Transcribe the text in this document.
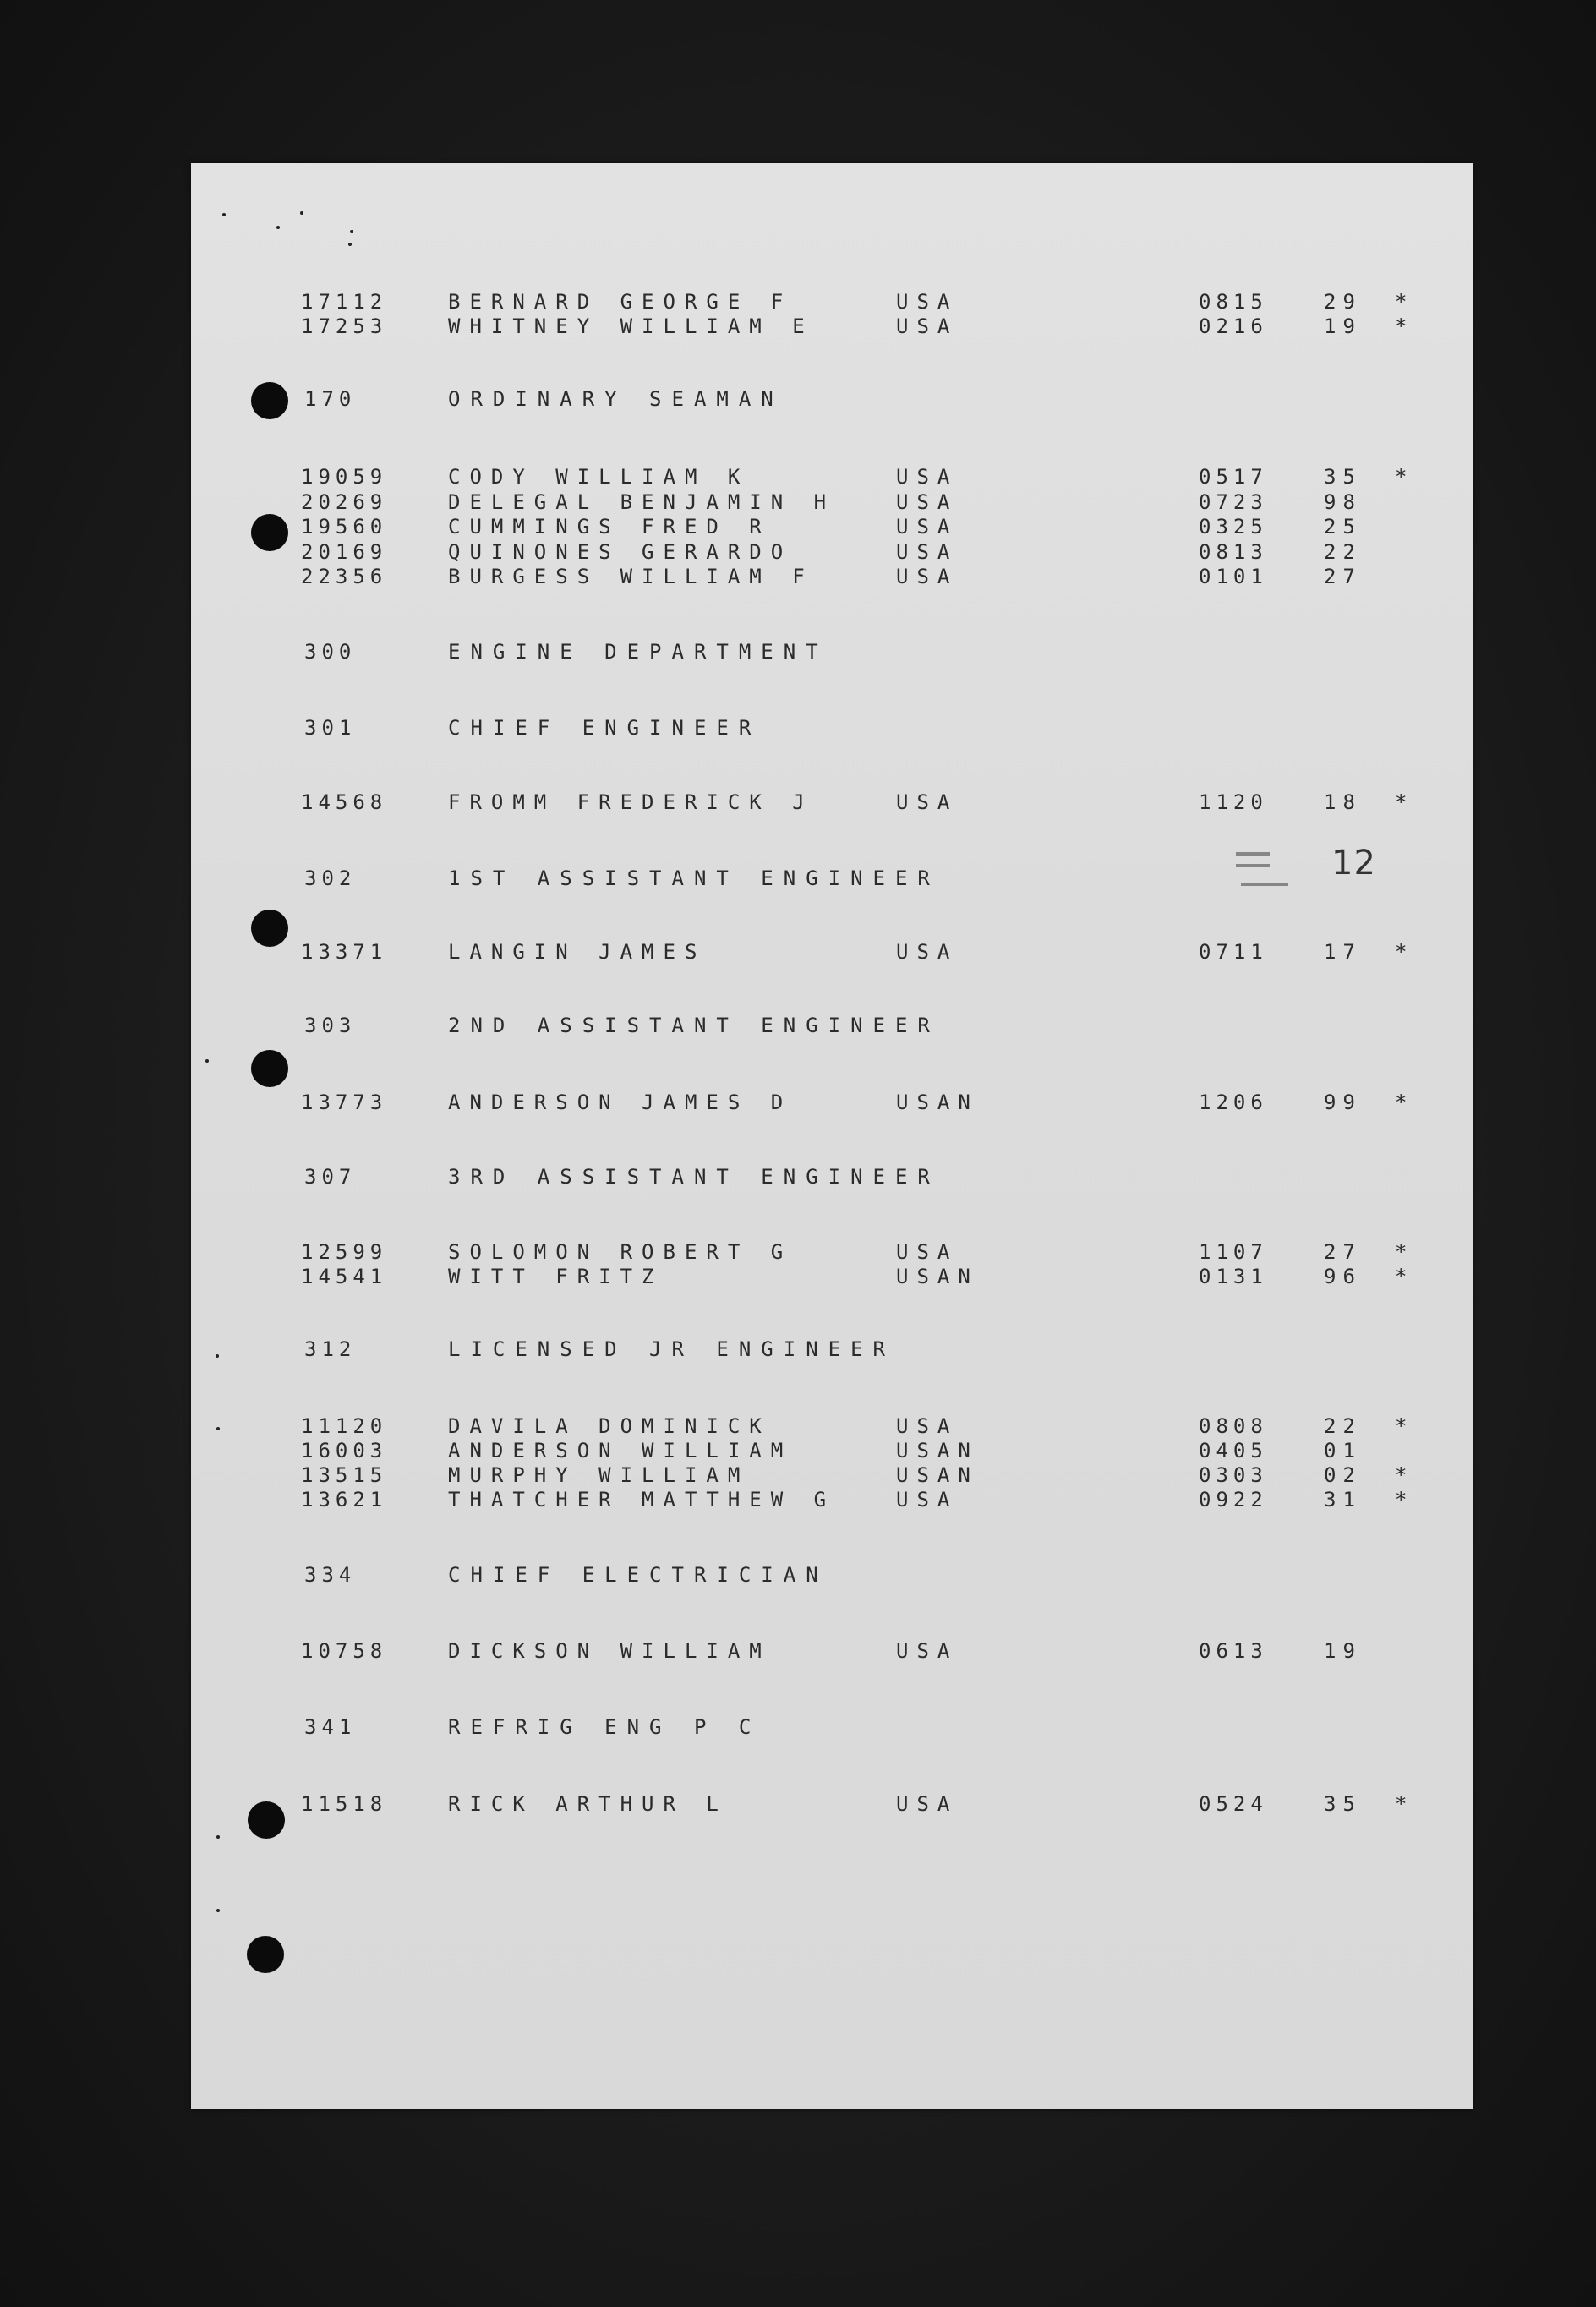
12
17112	BERNARD GEORGE F	USA	0815	29 *
17253	WHITNEY WILLIAM E	USA	0216	19 *
170	ORDINARY SEAMAN
19059	CODY WILLIAM K	USA	0517	35 *
20269	DELEGAL BENJAMIN H	USA	0723	98
19560	CUMMINGS FRED R	USA	0325	25
20169	QUINONES GERARDO	USA	0813	22
22356	BURGESS WILLIAM F	USA	0101	27
300	ENGINE DEPARTMENT
301	CHIEF ENGINEER
14568	FROMM FREDERICK J	USA	1120	18 *
302	1ST ASSISTANT ENGINEER
13371	LANGIN JAMES	USA	0711	17 *
303	2ND ASSISTANT ENGINEER
13773	ANDERSON JAMES D	USAN	1206	99 *
307	3RD ASSISTANT ENGINEER
12599	SOLOMON ROBERT G	USA	1107	27 *
14541	WITT FRITZ	USAN	0131	96 *
312	LICENSED JR ENGINEER
11120	DAVILA DOMINICK	USA	0808	22 *
16003	ANDERSON WILLIAM	USAN	0405	01
13515	MURPHY WILLIAM	USAN	0303	02 *
13621	THATCHER MATTHEW G	USA	0922	31 *
334	CHIEF ELECTRICIAN
10758	DICKSON WILLIAM	USA	0613	19
341	REFRIG ENG P C
11518	RICK ARTHUR L	USA	0524	35 *
